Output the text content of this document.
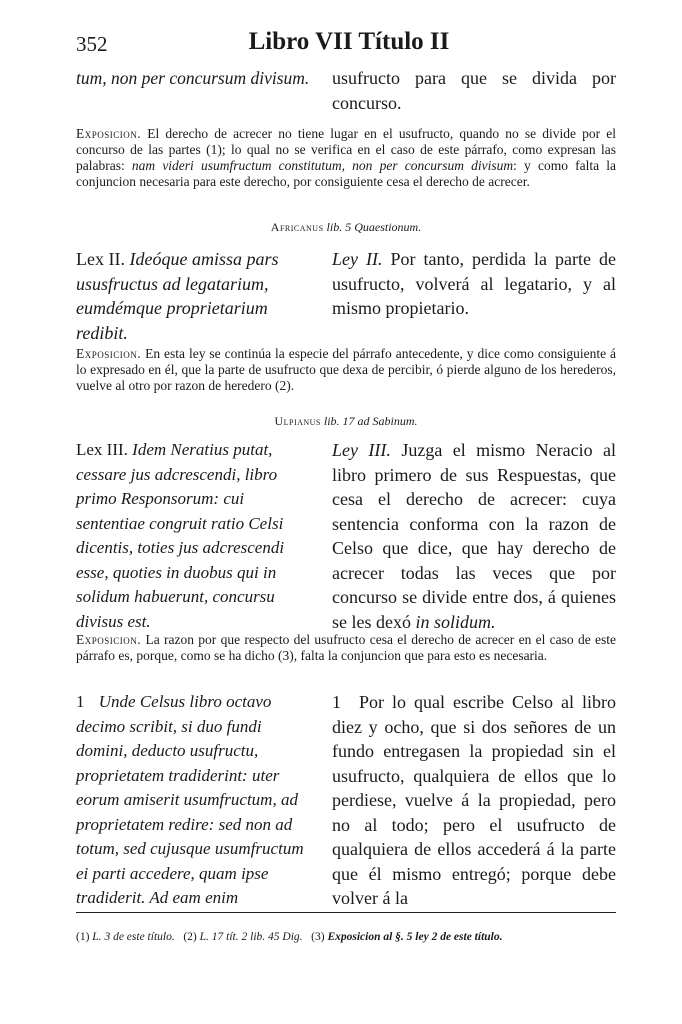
352	Libro VII Título II
tum, non per concursum divisum.	usufructo para que se divida por concurso.
Exposicion. El derecho de acrecer no tiene lugar en el usufructo, quando no se divide por el concurso de las partes (1); lo qual no se verifica en el caso de este párrafo, como expresan las palabras: nam videri usumfructum constitutum, non per concursum divisum: y como falta la conjuncion necesaria para este derecho, por consiguiente cesa el derecho de acrecer.
Africanus lib. 5 Quaestionum.
Lex II. Ideóque amissa pars ususfructus ad legatarium, eumdémque proprietarium redibit.
Ley II. Por tanto, perdida la parte de usufructo, volverá al legatario, y al mismo propietario.
Exposicion. En esta ley se continúa la especie del párrafo antecedente, y dice como consiguiente á lo expresado en él, que la parte de usufructo que dexa de percibir, ó pierde alguno de los herederos, vuelve al otro por razon de heredero (2).
Ulpianus lib. 17 ad Sabinum.
Lex III. Idem Neratius putat, cessare jus adcrescendi, libro primo Responsorum: cui sententiae congruit ratio Celsi dicentis, toties jus adcrescendi esse, quoties in duobus qui in solidum habuerunt, concursu divisus est.
Ley III. Juzga el mismo Neracio al libro primero de sus Respuestas, que cesa el derecho de acrecer: cuya sentencia conforma con la razon de Celso que dice, que hay derecho de acrecer todas las veces que por concurso se divide entre dos, á quienes se les dexó in solidum.
Exposicion. La razon por que respecto del usufructo cesa el derecho de acrecer en el caso de este párrafo es, porque, como se ha dicho (3), falta la conjuncion que para esto es necesaria.
1 Unde Celsus libro octavo decimo scribit, si duo fundi domini, deducto usufructu, proprietatem tradiderint: uter eorum amiserit usumfructum, ad proprietatem redire: sed non ad totum, sed cujusque usumfructum ei parti accedere, quam ipse tradiderit. Ad eam enim
1 Por lo qual escribe Celso al libro diez y ocho, que si dos señores de un fundo entregasen la propiedad sin el usufructo, qualquiera de ellos que lo perdiese, vuelve á la propiedad, pero no al todo; pero el usufructo de qualquiera de ellos accederá á la parte que él mismo entregó; porque debe volver á la
(1) L. 3 de este título. (2) L. 17 tít. 2 lib. 45 Dig. (3) Exposicion al §. 5 ley 2 de este título.
